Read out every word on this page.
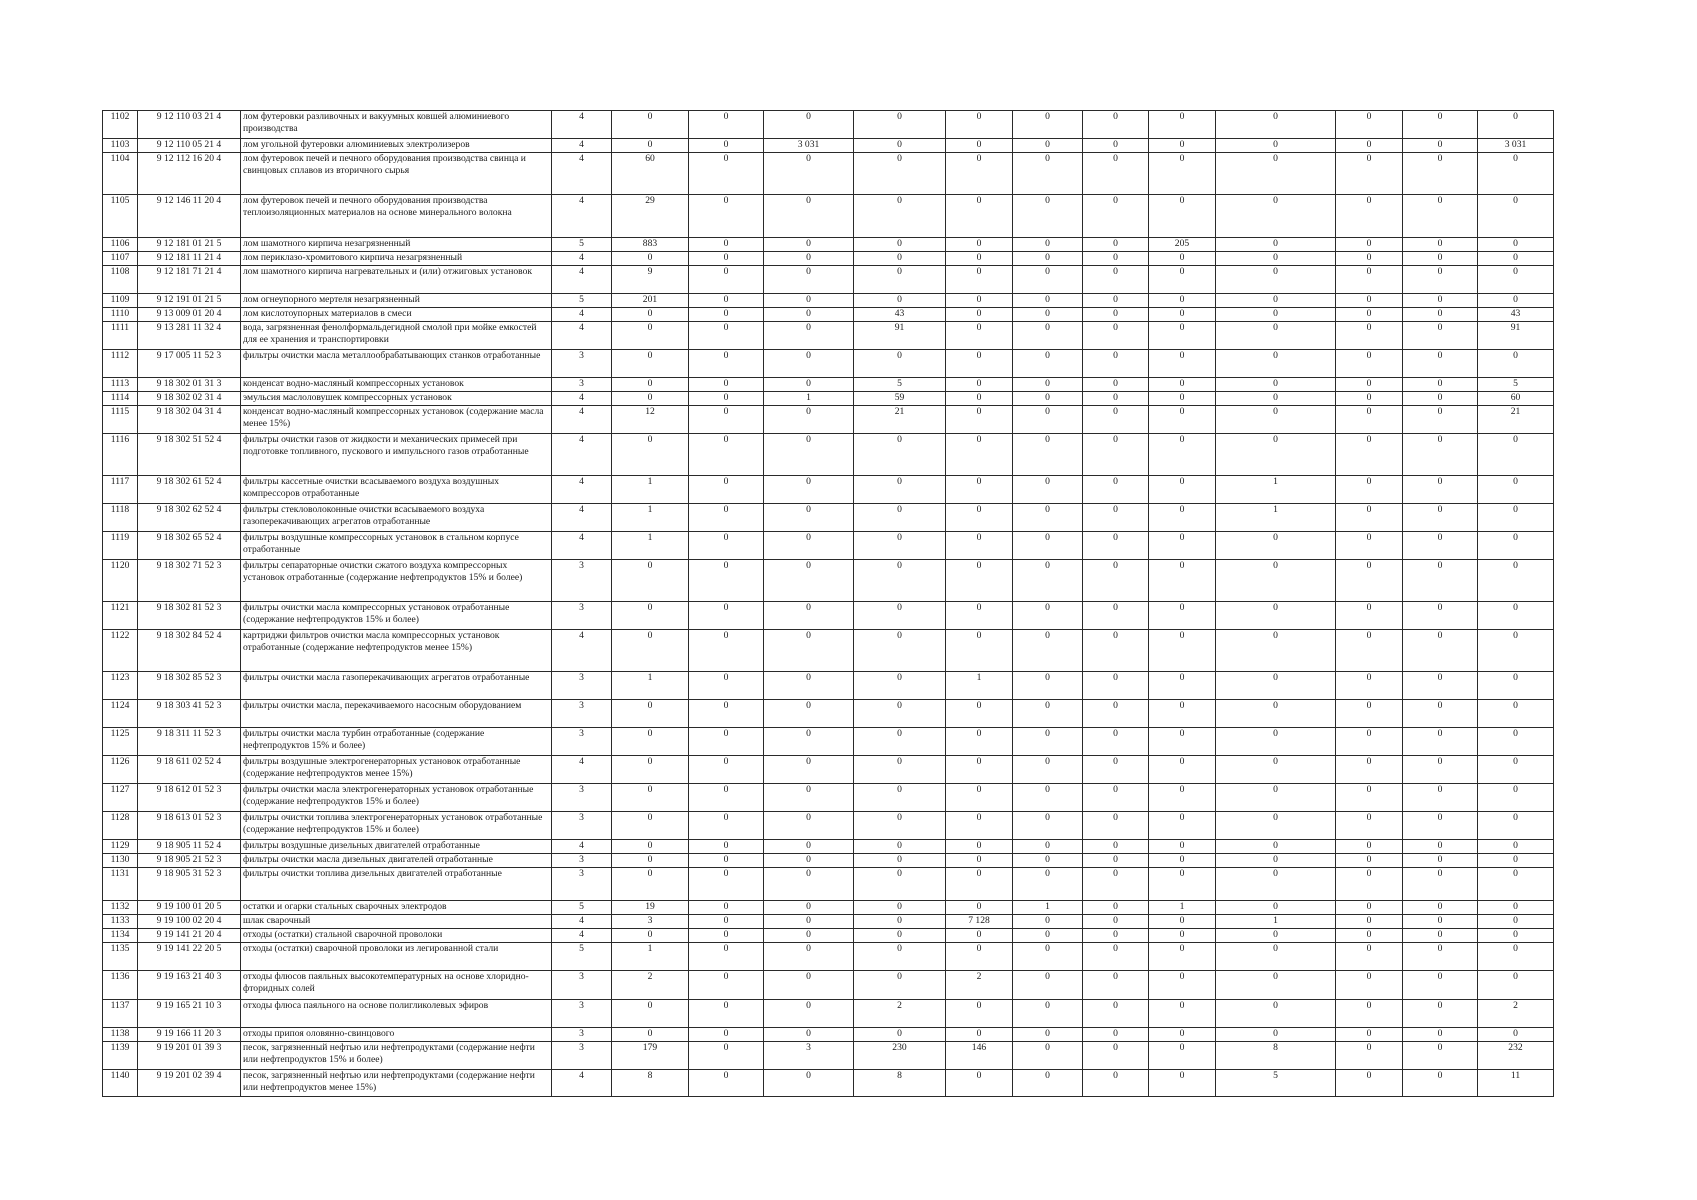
1102	9 12 110 03 21 4	лом футеровки разливочных и вакуумных ковшей алюминиевого производства	4	0	0	0	0	0	0	0	0	0	0	0	0
1103	9 12 110 05 21 4	лом угольной футеровки алюминиевых электролизеров	4	0	0	3 031	0	0	0	0	0	0	0	0	3 031
1104	9 12 112 16 20 4	лом футеровок печей и печного оборудования производства свинца и свинцовых сплавов из вторичного сырья	4	60	0	0	0	0	0	0	0	0	0	0	0
1105	9 12 146 11 20 4	лом футеровок печей и печного оборудования производства теплоизоляционных материалов на основе минерального волокна	4	29	0	0	0	0	0	0	0	0	0	0	0
1106	9 12 181 01 21 5	лом шамотного кирпича незагрязненный	5	883	0	0	0	0	0	0	205	0	0	0	0
1107	9 12 181 11 21 4	лом периклазо-хромитового кирпича незагрязненный	4	0	0	0	0	0	0	0	0	0	0	0	0
1108	9 12 181 71 21 4	лом шамотного кирпича нагревательных и (или) отжиговых установок	4	9	0	0	0	0	0	0	0	0	0	0	0
1109	9 12 191 01 21 5	лом огнеупорного мертеля незагрязненный	5	201	0	0	0	0	0	0	0	0	0	0	0
1110	9 13 009 01 20 4	лом кислотоупорных материалов в смеси	4	0	0	0	43	0	0	0	0	0	0	0	43
1111	9 13 281 11 32 4	вода, загрязненная фенолформальдегидной смолой при мойке емкостей для ее хранения и транспортировки	4	0	0	0	91	0	0	0	0	0	0	0	91
1112	9 17 005 11 52 3	фильтры очистки масла металлообрабатывающих станков отработанные	3	0	0	0	0	0	0	0	0	0	0	0	0
1113	9 18 302 01 31 3	конденсат водно-масляный компрессорных установок	3	0	0	0	5	0	0	0	0	0	0	0	5
1114	9 18 302 02 31 4	эмульсия маслоловушек компрессорных установок	4	0	0	1	59	0	0	0	0	0	0	0	60
1115	9 18 302 04 31 4	конденсат водно-масляный компрессорных установок (содержание масла менее 15%)	4	12	0	0	21	0	0	0	0	0	0	0	21
1116	9 18 302 51 52 4	фильтры очистки газов от жидкости и механических примесей при подготовке топливного, пускового и импульсного газов отработанные	4	0	0	0	0	0	0	0	0	0	0	0	0
1117	9 18 302 61 52 4	фильтры кассетные очистки всасываемого воздуха воздушных компрессоров отработанные	4	1	0	0	0	0	0	0	0	1	0	0	0
1118	9 18 302 62 52 4	фильтры стекловолоконные очистки всасываемого воздуха газоперекачивающих агрегатов отработанные	4	1	0	0	0	0	0	0	0	1	0	0	0
1119	9 18 302 65 52 4	фильтры воздушные компрессорных установок в стальном корпусе отработанные	4	1	0	0	0	0	0	0	0	0	0	0	0
1120	9 18 302 71 52 3	фильтры сепараторные очистки сжатого воздуха компрессорных установок отработанные (содержание нефтепродуктов 15% и более)	3	0	0	0	0	0	0	0	0	0	0	0	0
1121	9 18 302 81 52 3	фильтры очистки масла компрессорных установок отработанные (содержание нефтепродуктов 15% и более)	3	0	0	0	0	0	0	0	0	0	0	0	0
1122	9 18 302 84 52 4	картриджи фильтров очистки масла компрессорных установок отработанные (содержание нефтепродуктов менее 15%)	4	0	0	0	0	0	0	0	0	0	0	0	0
1123	9 18 302 85 52 3	фильтры очистки масла газоперекачивающих агрегатов отработанные	3	1	0	0	0	1	0	0	0	0	0	0	0
1124	9 18 303 41 52 3	фильтры очистки масла, перекачиваемого насосным оборудованием	3	0	0	0	0	0	0	0	0	0	0	0	0
1125	9 18 311 11 52 3	фильтры очистки масла турбин отработанные (содержание нефтепродуктов 15% и более)	3	0	0	0	0	0	0	0	0	0	0	0	0
1126	9 18 611 02 52 4	фильтры воздушные электрогенераторных установок отработанные (содержание нефтепродуктов менее 15%)	4	0	0	0	0	0	0	0	0	0	0	0	0
1127	9 18 612 01 52 3	фильтры очистки масла электрогенераторных установок отработанные (содержание нефтепродуктов 15% и более)	3	0	0	0	0	0	0	0	0	0	0	0	0
1128	9 18 613 01 52 3	фильтры очистки топлива электрогенераторных установок отработанные (содержание нефтепродуктов 15% и более)	3	0	0	0	0	0	0	0	0	0	0	0	0
1129	9 18 905 11 52 4	фильтры воздушные дизельных двигателей отработанные	4	0	0	0	0	0	0	0	0	0	0	0	0
1130	9 18 905 21 52 3	фильтры очистки масла дизельных двигателей отработанные	3	0	0	0	0	0	0	0	0	0	0	0	0
1131	9 18 905 31 52 3	фильтры очистки топлива дизельных двигателей отработанные	3	0	0	0	0	0	0	0	0	0	0	0	0
1132	9 19 100 01 20 5	остатки и огарки стальных сварочных электродов	5	19	0	0	0	0	1	0	1	0	0	0	0
1133	9 19 100 02 20 4	шлак сварочный	4	3	0	0	0	7 128	0	0	0	1	0	0	0
1134	9 19 141 21 20 4	отходы (остатки) стальной сварочной проволоки	4	0	0	0	0	0	0	0	0	0	0	0	0
1135	9 19 141 22 20 5	отходы (остатки) сварочной проволоки из легированной стали	5	1	0	0	0	0	0	0	0	0	0	0	0
1136	9 19 163 21 40 3	отходы флюсов паяльных высокотемпературных на основе хлоридно-фторидных солей	3	2	0	0	0	2	0	0	0	0	0	0	0
1137	9 19 165 21 10 3	отходы флюса паяльного на основе полигликолевых эфиров	3	0	0	0	2	0	0	0	0	0	0	0	2
1138	9 19 166 11 20 3	отходы припоя оловянно-свинцового	3	0	0	0	0	0	0	0	0	0	0	0	0
1139	9 19 201 01 39 3	песок, загрязненный нефтью или нефтепродуктами (содержание нефти или нефтепродуктов 15% и более)	3	179	0	3	230	146	0	0	0	8	0	0	232
1140	9 19 201 02 39 4	песок, загрязненный нефтью или нефтепродуктами (содержание нефти или нефтепродуктов менее 15%)	4	8	0	0	8	0	0	0	0	5	0	0	11
